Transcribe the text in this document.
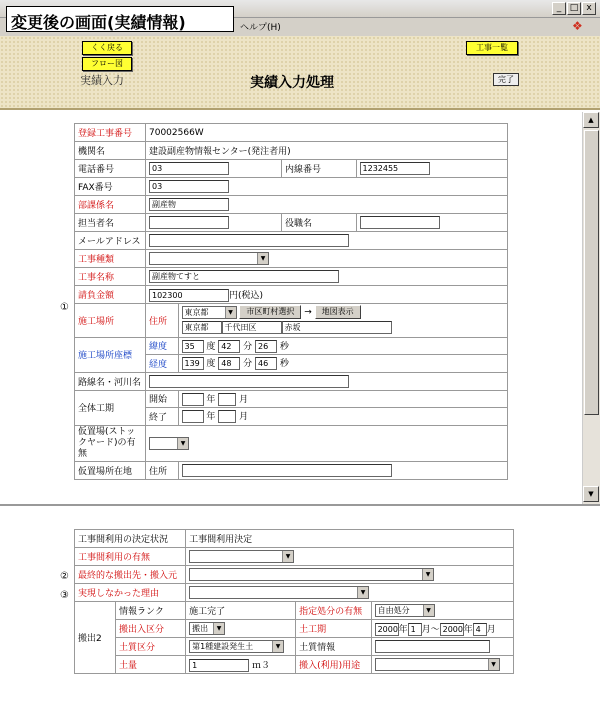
_ □ x
変更後の画面(実績情報)	ヘルプ(H)	❖
くく戻る
フロー図
工事一覧
実績入力	実績入力処理	完了
▲
▼
①
登録工事番号	70002566W
機関名	建設副産物情報センター(発注者用)
電話番号	03	内線番号	1232455
FAX番号	03
部課係名	副産物
担当者名		役職名	
メールアドレス	
工事種類	▼

工事名称	副産物てすと
請負金額	102300	円(税込)
施工場所		住所	東京都	▼	市区町村選択 → 地図表示
東京都 千代田区	赤坂

施工場所座標	
緯度	35 度 42 分 26 秒
経度	139 度 48 分 46 秒

路線名・河川名	
全体工期	
開始	年	月
終了	年	月

仮置場(ストックヤード)の有無	
▼

仮置場所在地	住所	
②
③
工事間利用の決定状況		工事間利用決定		
工事間利用の有無		▼		

最終的な搬出先・搬入元		▼		

実現しなかった理由		▼		

搬出2	情報ランク	施工完了	指定処分の有無	自由処分 ▼

	搬出入区分	搬出 ▼	土工期	2000年 1 月〜 2000年 4 月
	土質区分	第1種建設発生土 ▼	土質情報	
	土量	1 ｍ３	搬入(利用)用途	▼
